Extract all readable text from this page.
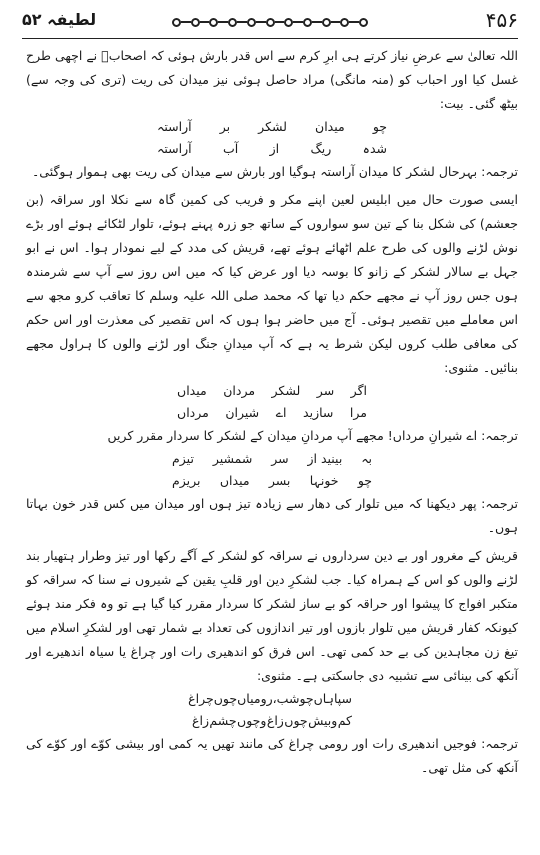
۴۵۶
لطیفہ ۵۲

اللہ تعالیٰ سے عرضِ نیاز کرتے ہی ابرِ کرم سے اس قدر بارش ہوئی کہ اصحابؓ نے اچھی طرح غسل کیا اور احباب کو (منہ مانگی) مراد حاصل ہوئی نیز میدان کی ریت (تری کی وجہ سے) بیٹھ گئی۔ بیت:

چو
میدان
لشکر
بر
آراستہ
شدہ
ریگ
از
آب
آراستہ

ترجمہ: بہرحال لشکر کا میدان آراستہ ہوگیا اور بارش سے میدان کی ریت بھی ہموار ہوگئی۔

ایسی صورت حال میں ابلیس لعین اپنے مکر و فریب کی کمین گاہ سے نکلا اور سراقہ (بن جعشم) کی شکل بنا کے تین سو سواروں کے ساتھ جو زرہ پہنے ہوئے، تلوار لٹکائے ہوئے اور بڑے نوش لڑنے والوں کی طرح علم اٹھائے ہوئے تھے، قریش کی مدد کے لیے نمودار ہوا۔ اس نے ابو جہل بے سالار لشکر کے زانو کا بوسہ دیا اور عرض کیا کہ میں اس روز سے آپ سے شرمندہ ہوں جس روز آپ نے مجھے حکم دیا تھا کہ محمد صلی اللہ علیہ وسلم کا تعاقب کرو مجھ سے اس معاملے میں تقصیر ہوئی۔ آج میں حاضر ہوا ہوں کہ اس تقصیر کی معذرت اور اس حکم کی معافی طلب کروں لیکن شرط یہ ہے کہ آپ میدانِ جنگ اور لڑنے والوں کا ہراول مجھے بنائیں۔ مثنوی:

اگر
سر
لشکر
مردان
میداں
مرا
سازید
اے
شیران
مرداں

ترجمہ: اے شیرانِ مرداں! مجھے آپ مردانِ میدان کے لشکر کا سردار مقرر کریں

بہ
بینید از
سر
شمشیر
تیزم
چو
خونہا
بسر
میداں
بریزم

ترجمہ: پھر دیکھنا کہ میں تلوار کی دھار سے زیادہ تیز ہوں اور میدان میں کس قدر خون بہاتا ہوں۔

قریش کے مغرور اور بے دین سرداروں نے سراقہ کو لشکر کے آگے رکھا اور تیز وطرار ہتھیار بند لڑنے والوں کو اس کے ہمراہ کیا۔ جب لشکرِ دین اور قلبِ یقین کے شیروں نے سنا کہ سراقہ کو متکبر افواج کا پیشوا اور حراقہ کو بے ساز لشکر کا سردار مقرر کیا گیا ہے تو وہ فکر مند ہوئے کیونکہ کفار قریش میں تلوار بازوں اور تیر اندازوں کی تعداد بے شمار تھی اور لشکرِ اسلام میں تیغ زن مجاہدین کی بے حد کمی تھی۔ اس فرق کو اندھیری رات اور چراغ یا سیاہ اندھیرے اور آنکھ کی بینائی سے تشبیہ دی جاسکتی ہے۔ مثنوی:

سپاہاں
چو
شب،
رومیاں
چوں
چراغ
کم
وبیش
چوں
زاغ
وچوں
چشم
زاغ

ترجمہ: فوجیں اندھیری رات اور رومی چراغ کی مانند تھیں یہ کمی اور بیشی کوّے اور کوّے کی آنکھ کی مثل تھی۔
